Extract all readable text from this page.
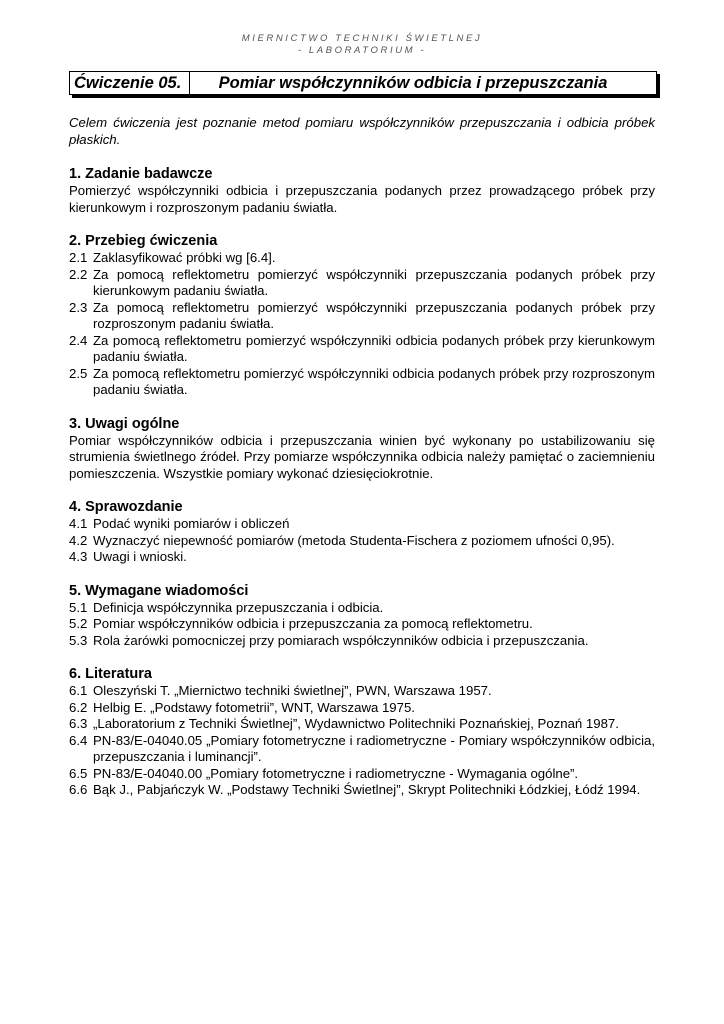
MIERNICTWO TECHNIKI ŚWIETLNEJ
- LABORATORIUM -
Ćwiczenie 05.	Pomiar współczynników odbicia i przepuszczania

Celem ćwiczenia jest poznanie metod pomiaru współczynników przepuszczania i odbicia próbek płaskich.

1. Zadanie badawcze

Pomierzyć współczynniki odbicia i przepuszczania podanych przez prowadzącego próbek przy kierunkowym i rozproszonym padaniu światła.

2. Przebieg ćwiczenia
2.1 Zaklasyfikować próbki wg [6.4].
2.2 Za pomocą reflektometru pomierzyć współczynniki przepuszczania podanych próbek przy kierunkowym padaniu światła.
2.3 Za pomocą reflektometru pomierzyć współczynniki przepuszczania podanych próbek przy rozproszonym padaniu światła.
2.4 Za pomocą reflektometru pomierzyć współczynniki odbicia podanych próbek przy kierunkowym padaniu światła.
2.5 Za pomocą reflektometru pomierzyć współczynniki odbicia podanych próbek przy rozproszonym padaniu światła.
3. Uwagi ogólne

Pomiar współczynników odbicia i przepuszczania winien być wykonany po ustabilizowaniu się strumienia świetlnego źródeł. Przy pomiarze współczynnika odbicia należy pamiętać o zaciemnieniu pomieszczenia. Wszystkie pomiary wykonać dziesięciokrotnie.

4. Sprawozdanie
4.1 Podać wyniki pomiarów i obliczeń
4.2 Wyznaczyć niepewność pomiarów (metoda Studenta-Fischera z poziomem ufności 0,95).
4.3 Uwagi i wnioski.
5. Wymagane wiadomości
5.1 Definicja współczynnika przepuszczania i odbicia.
5.2 Pomiar współczynników odbicia i przepuszczania za pomocą reflektometru.
5.3 Rola żarówki pomocniczej przy pomiarach współczynników odbicia i przepuszczania.
6. Literatura
6.1 Oleszyński T. „Miernictwo techniki świetlnej”, PWN, Warszawa 1957.
6.2 Helbig E. „Podstawy fotometrii”, WNT, Warszawa 1975.
6.3 „Laboratorium z Techniki Świetlnej”, Wydawnictwo Politechniki Poznańskiej, Poznań 1987.
6.4 PN-83/E-04040.05 „Pomiary fotometryczne i radiometryczne - Pomiary współczynników odbicia, przepuszczania i luminancji”.
6.5 PN-83/E-04040.00 „Pomiary fotometryczne i radiometryczne - Wymagania ogólne”.
6.6 Bąk J., Pabjańczyk W. „Podstawy Techniki Świetlnej”, Skrypt Politechniki Łódzkiej, Łódź 1994.
